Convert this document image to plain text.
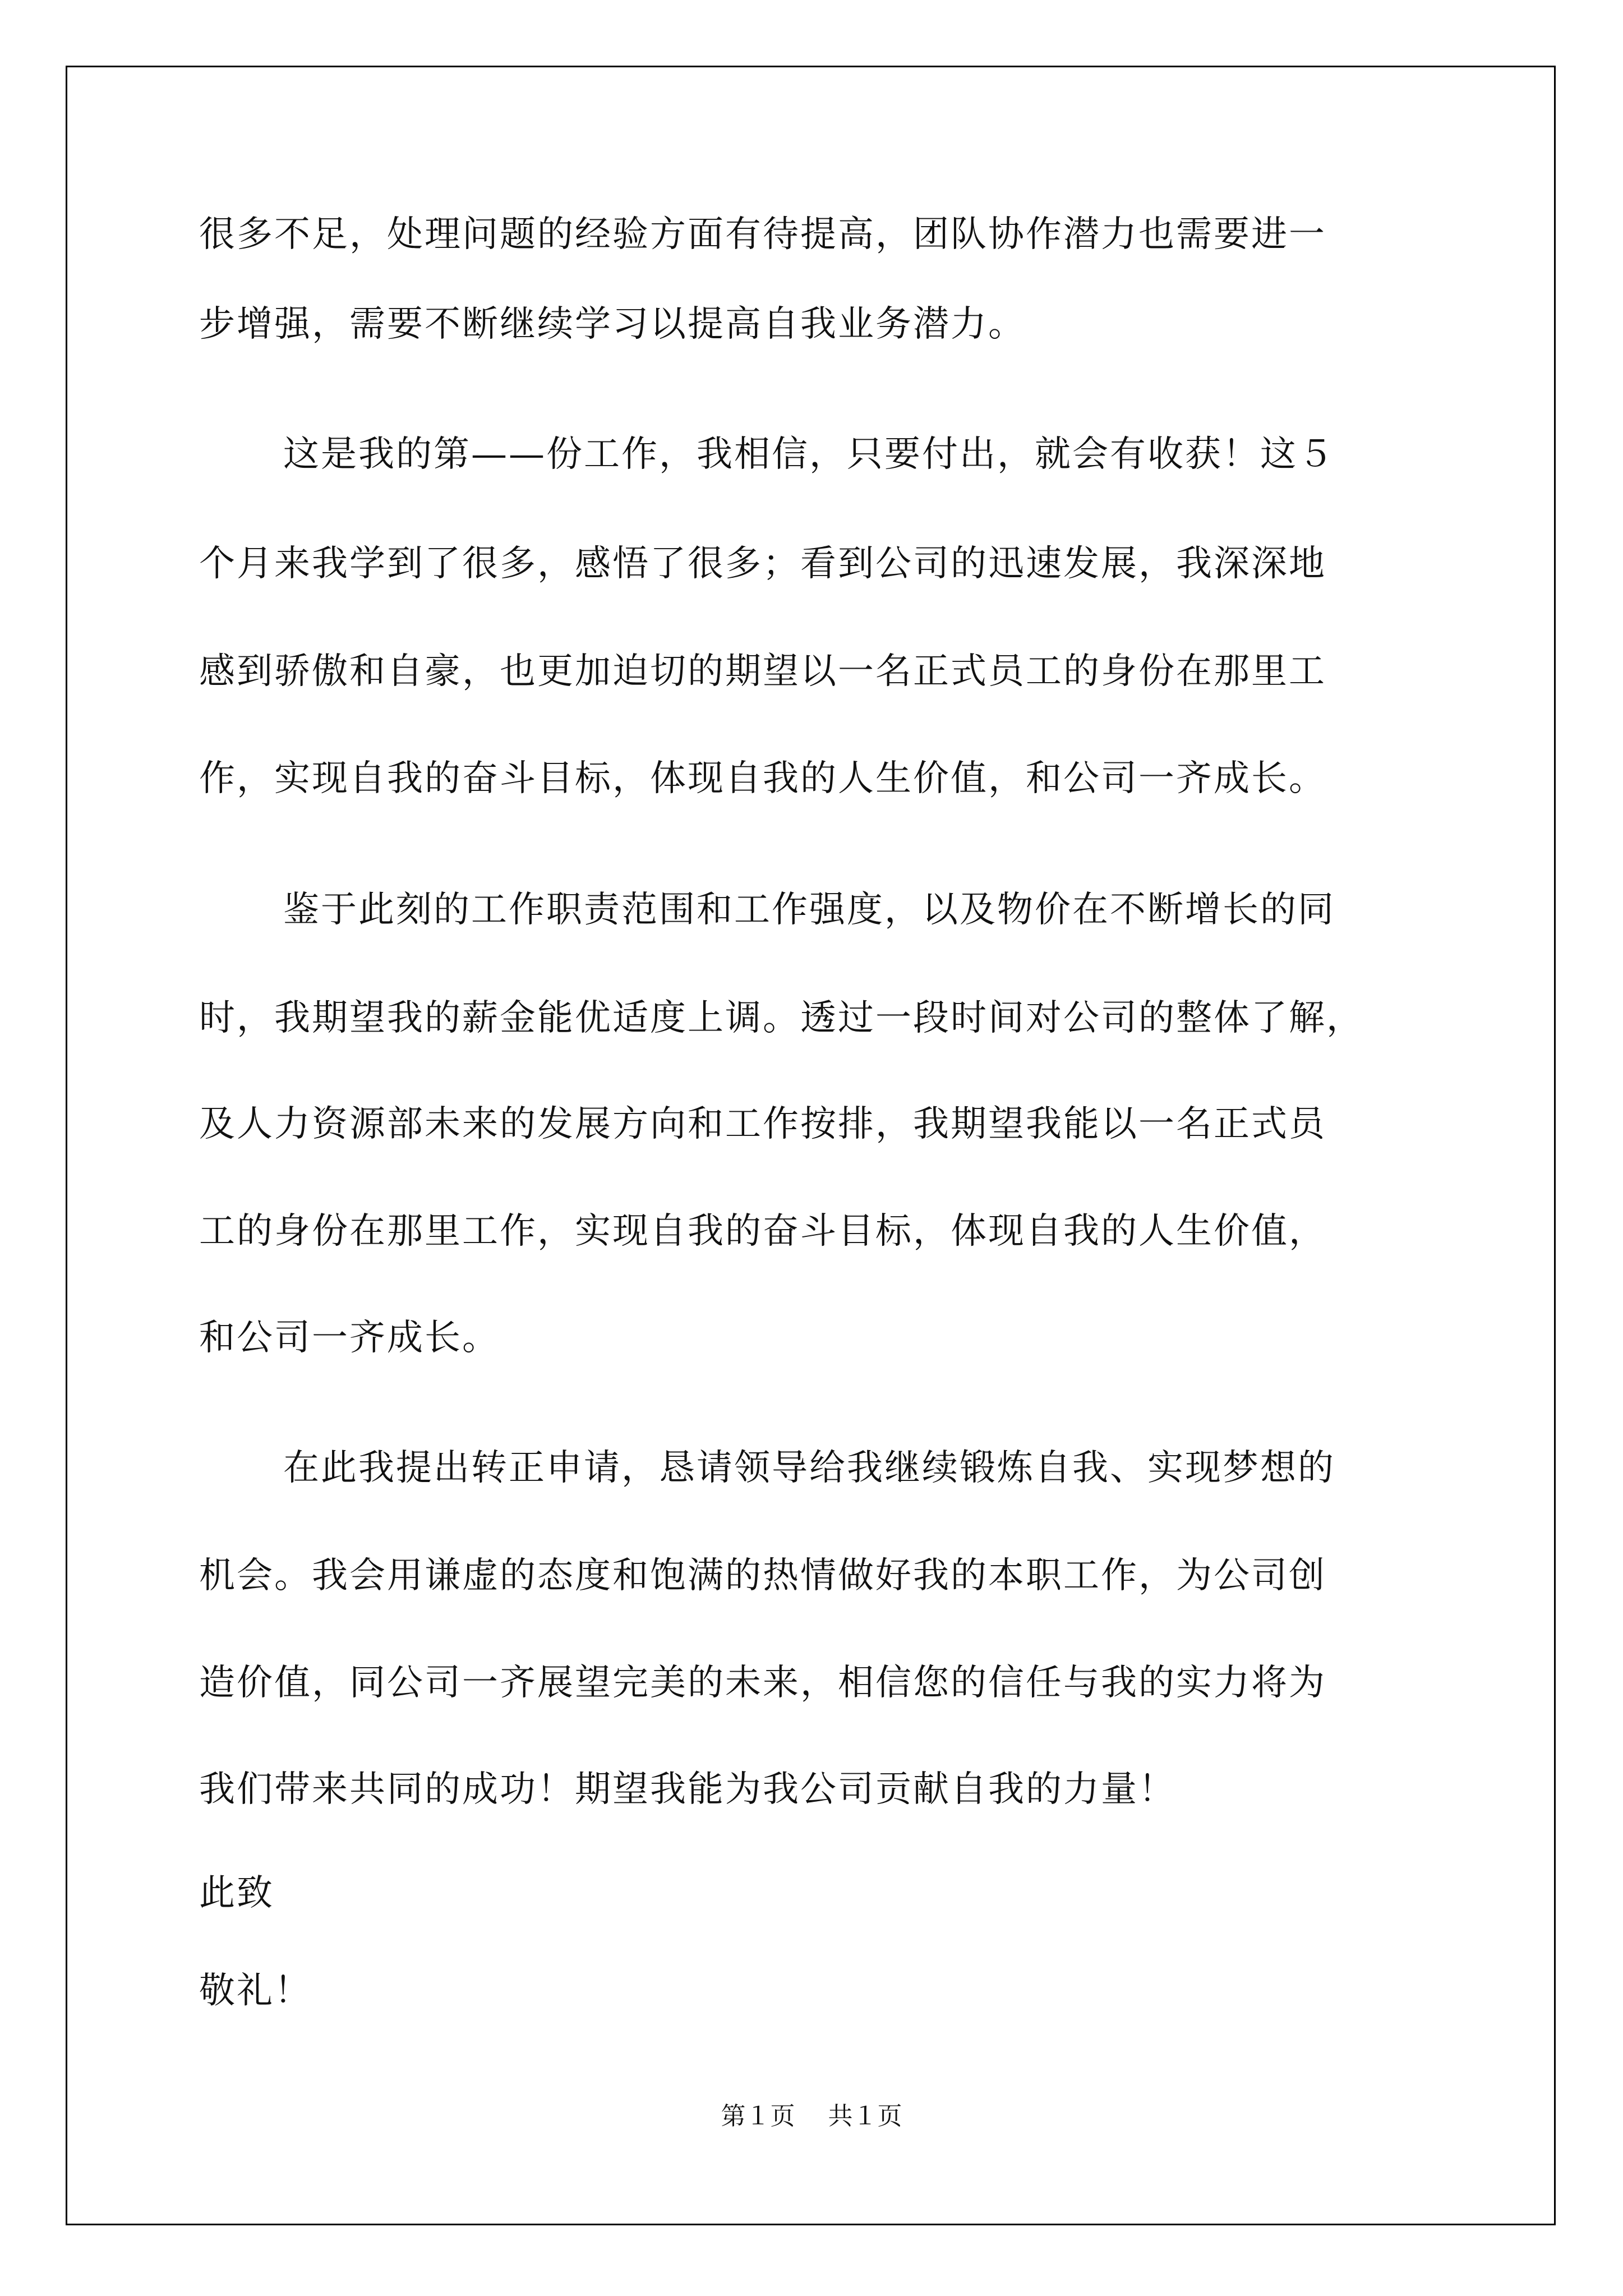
很多不足，处理问题的经验方面有待提高，团队协作潜力也需要进一
步增强，需要不断继续学习以提高自我业务潜力。
这是我的第——份工作，我相信，只要付出，就会有收获！这５
个月来我学到了很多，感悟了很多；看到公司的迅速发展，我深深地
感到骄傲和自豪，也更加迫切的期望以一名正式员工的身份在那里工
作，实现自我的奋斗目标，体现自我的人生价值，和公司一齐成长。
鉴于此刻的工作职责范围和工作强度，以及物价在不断增长的同
时，我期望我的薪金能优适度上调。透过一段时间对公司的整体了解，
及人力资源部未来的发展方向和工作按排，我期望我能以一名正式员
工的身份在那里工作，实现自我的奋斗目标，体现自我的人生价值，
和公司一齐成长。
在此我提出转正申请，恳请领导给我继续锻炼自我、实现梦想的
机会。我会用谦虚的态度和饱满的热情做好我的本职工作，为公司创
造价值，同公司一齐展望完美的未来，相信您的信任与我的实力将为
我们带来共同的成功！期望我能为我公司贡献自我的力量！
此致
敬礼！
第１页 共１页
